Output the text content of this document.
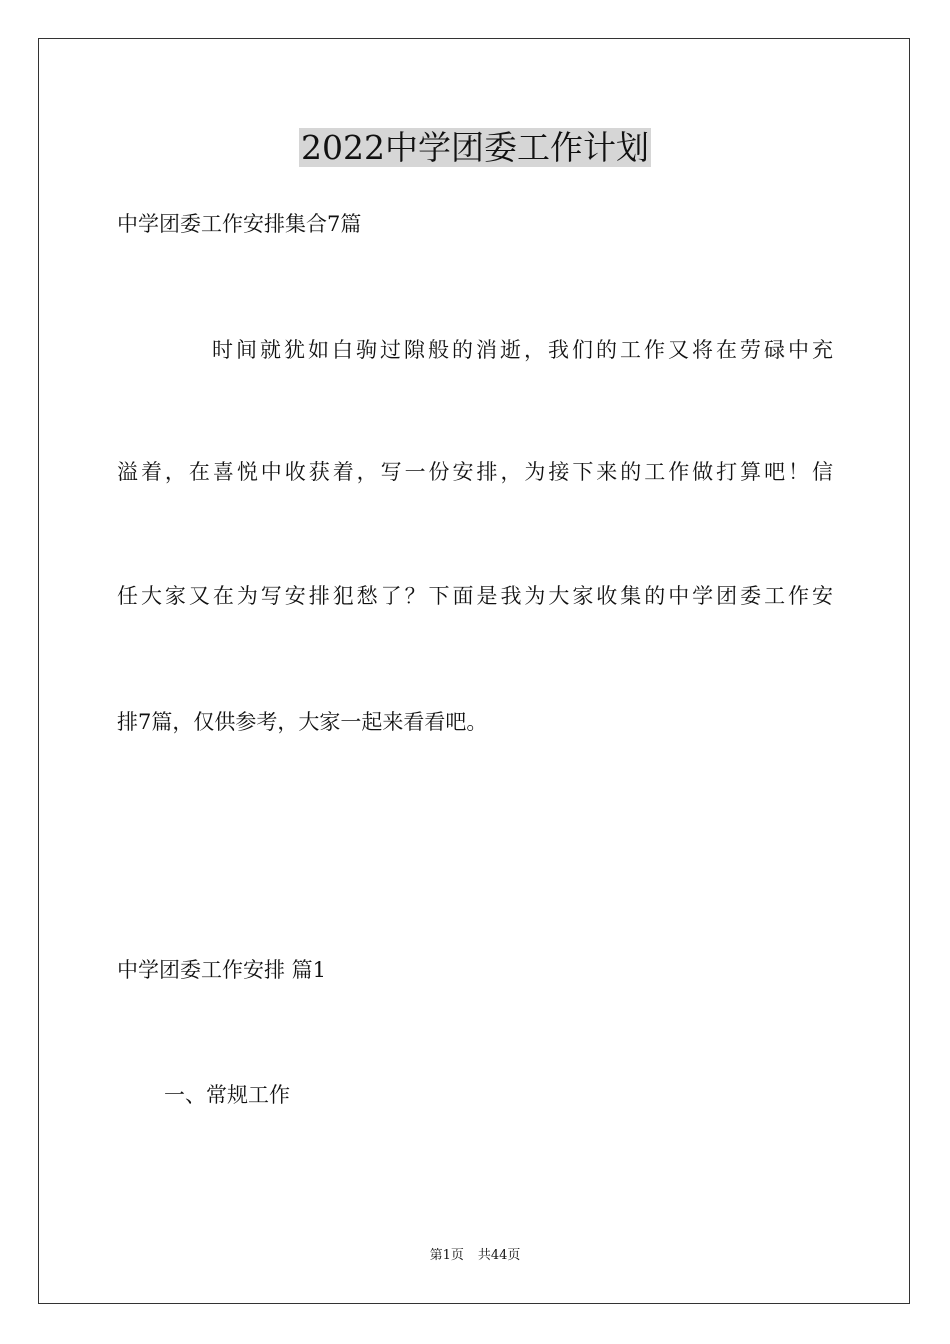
2022中学团委工作计划
中学团委工作安排集合7篇
时间就犹如白驹过隙般的消逝，我们的工作又将在劳碌中充
溢着，在喜悦中收获着，写一份安排，为接下来的工作做打算吧！信
任大家又在为写安排犯愁了？下面是我为大家收集的中学团委工作安
排7篇，仅供参考，大家一起来看看吧。
中学团委工作安排 篇1
一、常规工作
第1页 共44页
